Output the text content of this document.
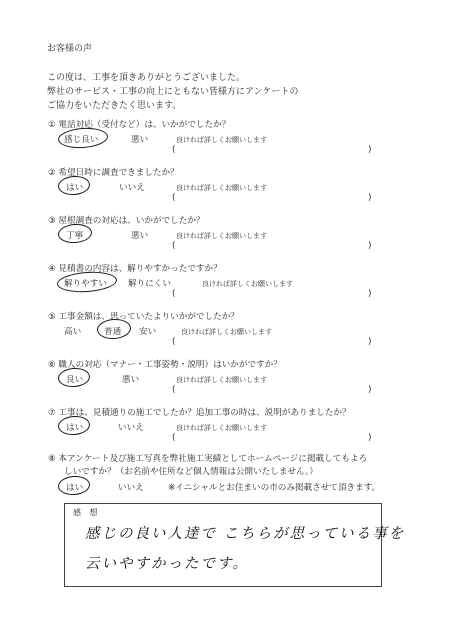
お客様の声
この度は、工事を頂きありがとうございました。
弊社のサービス・工事の向上にともない皆様方にアンケートの
ご協力をいただきたく思います。
① 電話対応（受付など）は、いかがでしたか？
感じ良い	悪い	良ければ詳しくお願いします
(	)
② 希望日時に調査できましたか？
はい	いいえ	良ければ詳しくお願いします
(	)
③ 屋根調査の対応は、いかがでしたか？
丁寧	悪い	良ければ詳しくお願いします
(	)
④ 見積書の内容は、解りやすかったですか？
解りやすい 解りにくい	良ければ詳しくお願いします
(	)
⑤ 工事金額は、思っていたよりいかがでしたか？
高い	普通 安い	良ければ詳しくお願いします
(	)
⑥ 職人の対応（マナー・工事姿勢・説明）はいかがですか？
良い	悪い	良ければ詳しくお願いします
(	)
⑦ 工事は、見積通りの施工でしたか？追加工事の時は、説明がありましたか？
はい	いいえ	良ければ詳しくお願いします
(	)
⑧ 本アンケート及び施工写真を弊社施工実績としてホームページに掲載してもよろ
しいですか？（お名前や住所など個人情報は公開いたしません。）
はい	いいえ	※イニシャルとお住まいの市のみ掲載させて頂きます。
感 想
感じの良い人達で こちらが思っている事を
云いやすかったです。
